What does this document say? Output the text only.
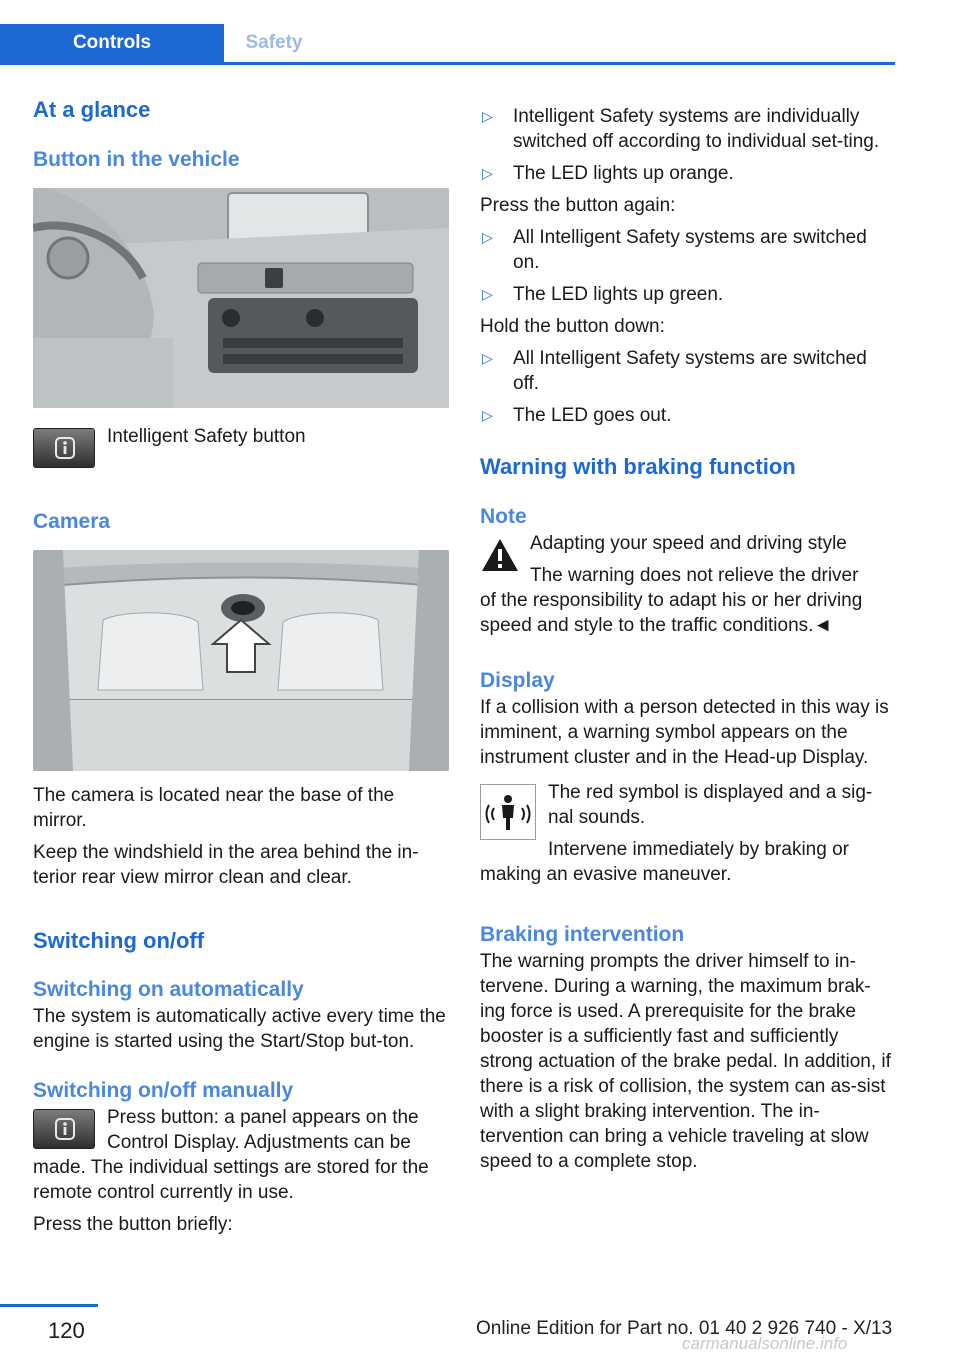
Controls	Safety
At a glance
Button in the vehicle

Intelligent Safety button

Camera

The camera is located near the base of the mirror.

Keep the windshield in the area behind the in‐terior rear view mirror clean and clear.

Switching on/off
Switching on automatically

The system is automatically active every time the engine is started using the Start/Stop but‐ton.

Switching on/off manually

Press button: a panel appears on the Control Display. Adjustments can be

made. The individual settings are stored for the remote control currently in use.

Press the button briefly:

▷ Intelligent Safety systems are individually switched off according to individual set‐ting.
▷ The LED lights up orange.

Press the button again:

▷ All Intelligent Safety systems are switched on.
▷ The LED lights up green.

Hold the button down:

▷ All Intelligent Safety systems are switched off.
▷ The LED goes out.
Warning with braking function
Note

Adapting your speed and driving style

The warning does not relieve the driver

of the responsibility to adapt his or her driving speed and style to the traffic conditions.◄

Display

If a collision with a person detected in this way is imminent, a warning symbol appears on the instrument cluster and in the Head-up Display.

The red symbol is displayed and a sig‐nal sounds.

Intervene immediately by braking or

making an evasive maneuver.

Braking intervention

The warning prompts the driver himself to in‐tervene. During a warning, the maximum brak‐ing force is used. A prerequisite for the brake booster is a sufficiently fast and sufficiently strong actuation of the brake pedal. In addition, if there is a risk of collision, the system can as‐sist with a slight braking intervention. The in‐tervention can bring a vehicle traveling at slow speed to a complete stop.

120	Online Edition for Part no. 01 40 2 926 740 - X/13
carmanualsonline.info
